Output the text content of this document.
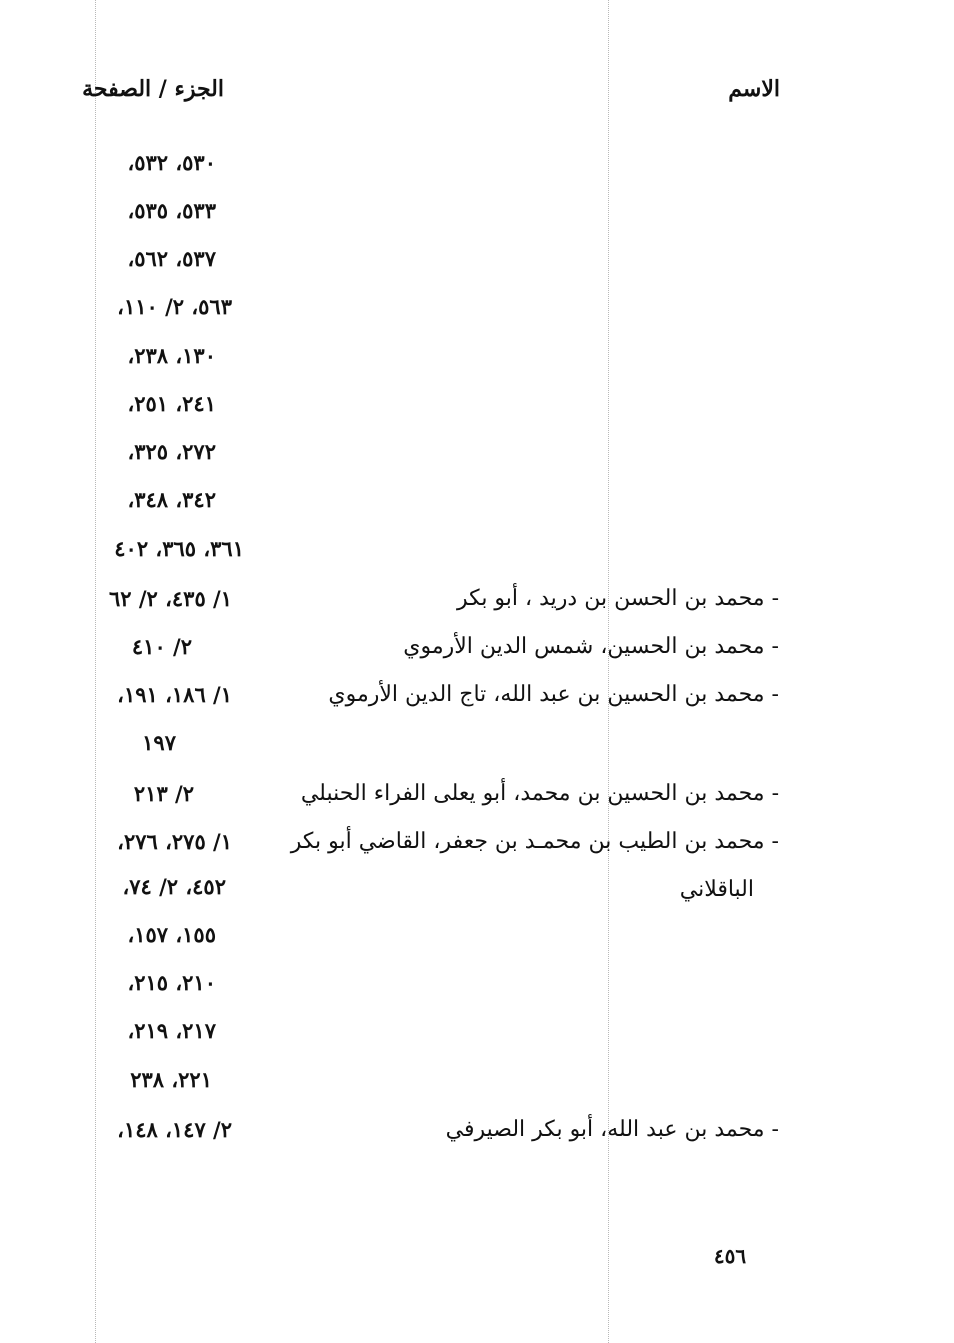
الاسم
الجزء / الصفحة
٥٣٠، ٥٣٢،
٥٣٣، ٥٣٥،
٥٣٧، ٥٦٢،
٥٦٣، ٢/ ١١٠،
١٣٠، ٢٣٨،
٢٤١، ٢٥١،
٢٧٢، ٣٢٥،
٣٤٢، ٣٤٨،
٣٦١، ٣٦٥، ٤٠٢
- محمد بن الحسن بن دريد ، أبو بكر
١/ ٤٣٥، ٢/ ٦٢
- محمد بن الحسين، شمس الدين الأرموي
٢/ ٤١٠
- محمد بن الحسين بن عبد الله، تاج الدين الأرموي
١/ ١٨٦، ١٩١،
١٩٧
- محمد بن الحسين بن محمد، أبو يعلى الفراء الحنبلي
٢/ ٢١٣
- محمد بن الطيب بن محمـد بن جعفر، القاضي أبو بكر
١/ ٢٧٥، ٢٧٦،
الباقلاني
٤٥٢، ٢/ ٧٤،
١٥٥، ١٥٧،
٢١٠، ٢١٥،
٢١٧، ٢١٩،
٢٢١، ٢٣٨
- محمد بن عبد الله، أبو بكر الصيرفي
٢/ ١٤٧، ١٤٨،
٤٥٦
